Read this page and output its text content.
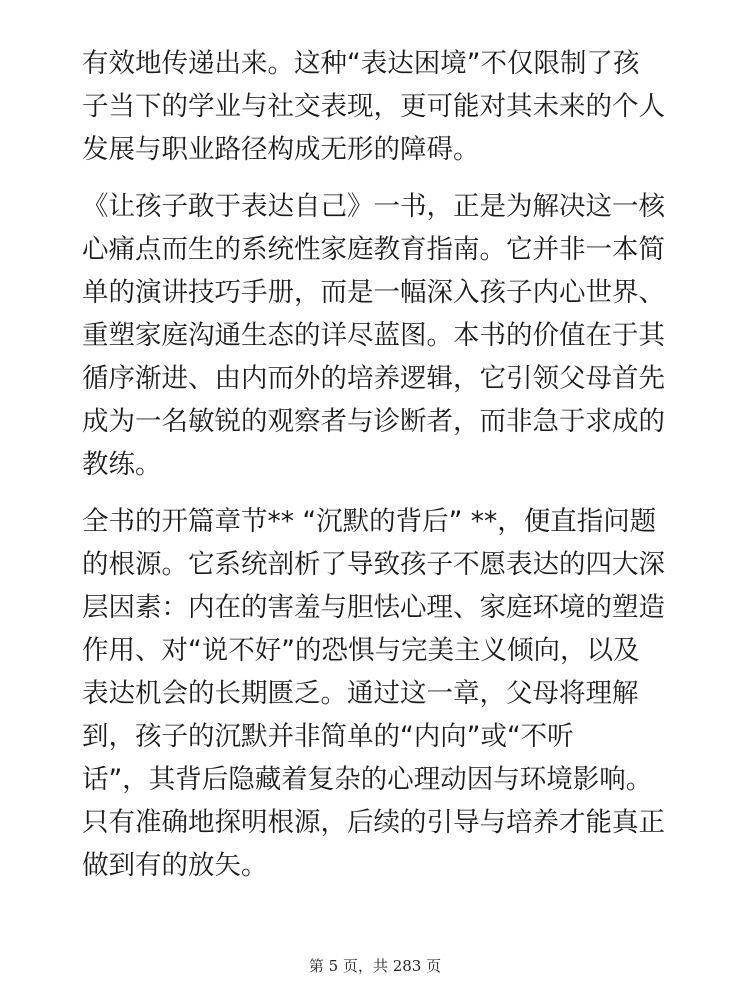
有效地传递出来。这种“表达困境”不仅限制了孩
子当下的学业与社交表现，更可能对其未来的个人
发展与职业路径构成无形的障碍。
《让孩子敢于表达自己》一书，正是为解决这一核
心痛点而生的系统性家庭教育指南。它并非一本简
单的演讲技巧手册，而是一幅深入孩子内心世界、
重塑家庭沟通生态的详尽蓝图。本书的价值在于其
循序渐进、由内而外的培养逻辑，它引领父母首先
成为一名敏锐的观察者与诊断者，而非急于求成的
教练。
全书的开篇章节** “沉默的背后” **，便直指问题
的根源。它系统剖析了导致孩子不愿表达的四大深
层因素：内在的害羞与胆怯心理、家庭环境的塑造
作用、对“说不好”的恐惧与完美主义倾向，以及
表达机会的长期匮乏。通过这一章，父母将理解
到，孩子的沉默并非简单的“内向”或“不听
话”，其背后隐藏着复杂的心理动因与环境影响。
只有准确地探明根源，后续的引导与培养才能真正
做到有的放矢。
第 5 页，共 283 页
